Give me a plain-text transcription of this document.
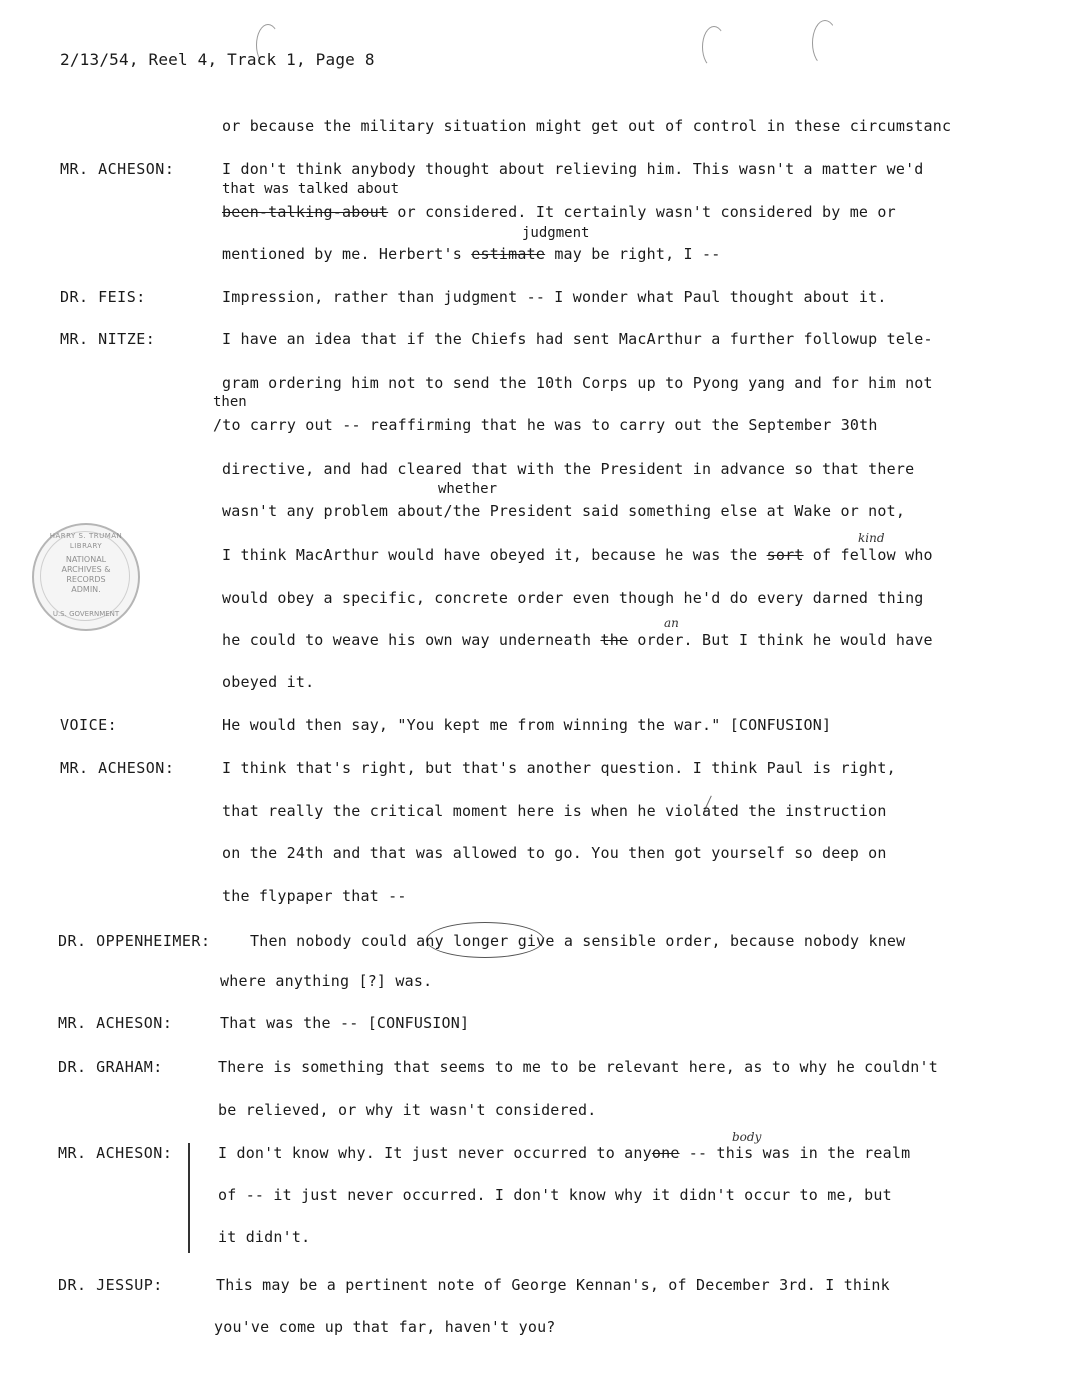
2/13/54, Reel 4, Track 1, Page 8
or because the military situation might get out of control in these circumstanc
MR. ACHESON:	I don't think anybody thought about relieving him. This wasn't a matter we'd
that was talked about
been-talking-about or considered. It certainly wasn't considered by me or
judgment
mentioned by me. Herbert's estimate may be right, I --
DR. FEIS:	Impression, rather than judgment -- I wonder what Paul thought about it.
MR. NITZE:	I have an idea that if the Chiefs had sent MacArthur a further followup tele-
gram ordering him not to send the 10th Corps up to Pyong yang and for him not
then
/to carry out -- reaffirming that he was to carry out the September 30th
directive, and had cleared that with the President in advance so that there
whether
wasn't any problem about/the President said something else at Wake or not,
kind
I think MacArthur would have obeyed it, because he was the sort of fellow who
would obey a specific, concrete order even though he'd do every darned thing
an
he could to weave his own way underneath the order. But I think he would have
obeyed it.
VOICE:	He would then say, "You kept me from winning the war." [CONFUSION]
MR. ACHESON:	I think that's right, but that's another question. I think Paul is right,
that really the critical moment here is when he violated the instruction
on the 24th and that was allowed to go. You then got yourself so deep on
the flypaper that --
DR. OPPENHEIMER:	Then nobody could any longer give a sensible order, because nobody knew
where anything [?] was.
MR. ACHESON:	That was the -- [CONFUSION]
DR. GRAHAM:	There is something that seems to me to be relevant here, as to why he couldn't
be relieved, or why it wasn't considered.
MR. ACHESON:
body
I don't know why. It just never occurred to anyone -- this was in the realm
of -- it just never occurred. I don't know why it didn't occur to me, but
it didn't.
DR. JESSUP:	This may be a pertinent note of George Kennan's, of December 3rd. I think
you've come up that far, haven't you?
HARRY S. TRUMAN LIBRARY
NATIONAL ARCHIVES & RECORDS ADMIN.
U.S. GOVERNMENT
